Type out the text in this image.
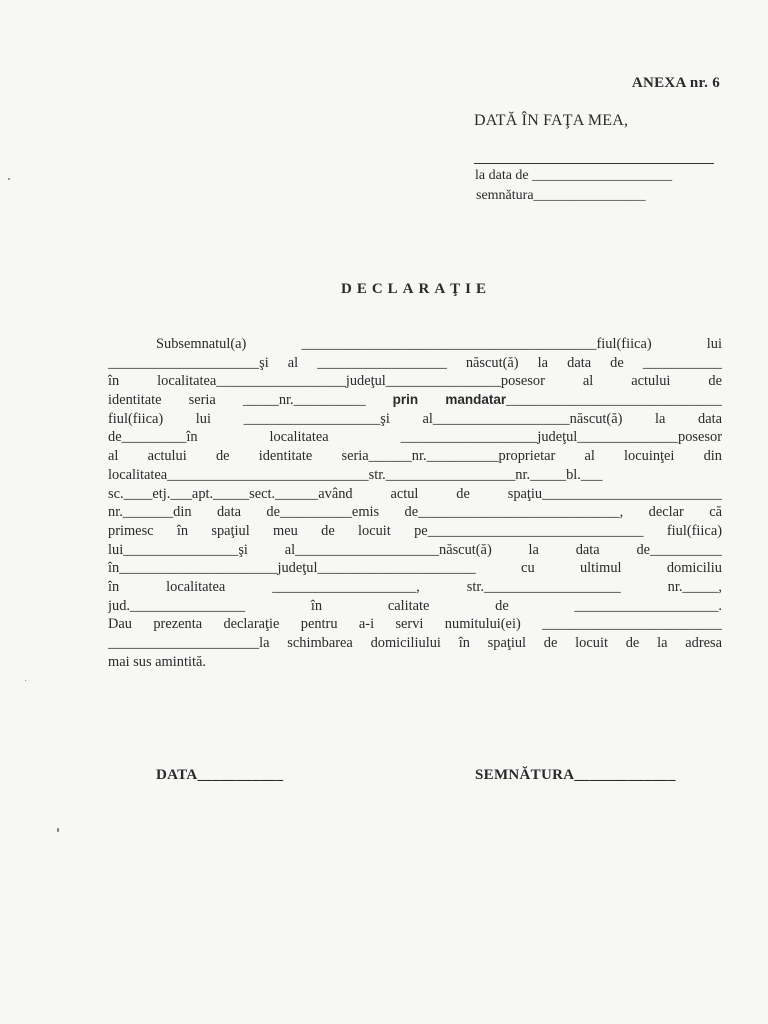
ANEXA nr. 6
DATĂ ÎN FAŢA MEA,
la data de ____________________
semnătura________________
DECLARAŢIE
Subsemnatul(a) _________________________________________fiul(fiica) lui
_____________________şi al __________________ născut(ă) la data de ___________
în localitatea__________________judeţul________________posesor al actului de
identitate seria _____nr.__________ prin mandatar______________________________
fiul(fiica) lui ___________________şi al___________________născut(ă) la data
de_________în localitatea ___________________judeţul______________posesor
al actului de identitate seria______nr.__________proprietar al locuinţei din
localitatea____________________________str.__________________nr._____bl.___
sc.____etj.___apt._____sect.______având actul de spaţiu_________________________
nr._______din data de__________emis de____________________________, declar că
primesc în spaţiul meu de locuit pe______________________________ fiul(fiica)
lui________________şi al____________________născut(ă) la data de__________
în______________________judeţul______________________ cu ultimul domiciliu
în localitatea ____________________, str.___________________ nr._____,
jud.________________ în calitate de ____________________.
Dau prezenta declaraţie pentru a-i servi numitului(ei) _________________________
_____________________la schimbarea domiciliului în spaţiul de locuit de la adresa
mai sus amintită.
DATA___________	SEMNĂTURA_____________
